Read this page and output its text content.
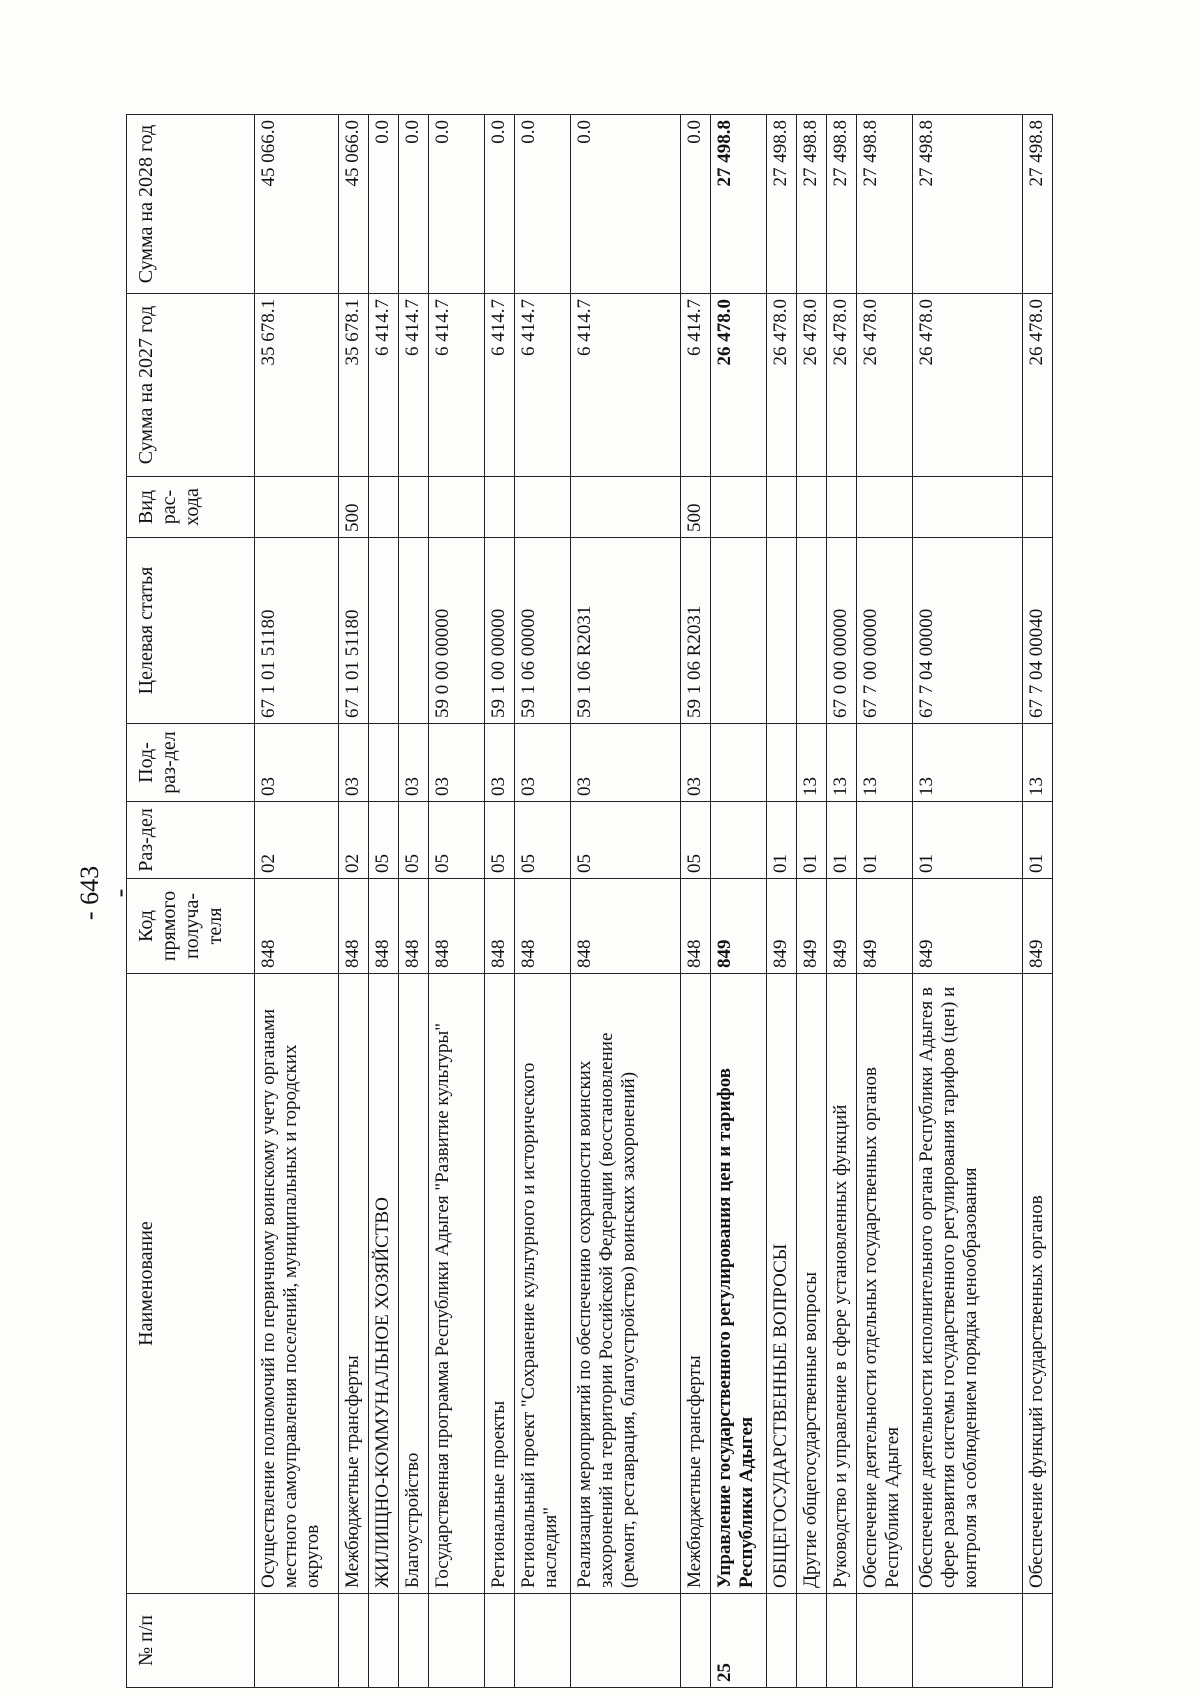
- 643 -
№ п/п	Наименование	Код прямого получа-теля	Раз-дел	Под-раз-дел	Целевая статья	Вид рас-хода	Сумма на 2027 год	Сумма на 2028 год
	Осуществление полномочий по первичному воинскому учету органами местного самоуправления поселений, муниципальных и городских округов	848	02	03	67 1 01 51180		35 678.1	45 066.0
	Межбюджетные трансферты	848	02	03	67 1 01 51180	500	35 678.1	45 066.0
	ЖИЛИЩНО-КОММУНАЛЬНОЕ ХОЗЯЙСТВО	848	05				6 414.7	0.0
	Благоустройство	848	05	03			6 414.7	0.0
	Государственная программа Республики Адыгея "Развитие культуры"	848	05	03	59 0 00 00000		6 414.7	0.0
	Региональные проекты	848	05	03	59 1 00 00000		6 414.7	0.0
	Региональный проект "Сохранение культурного и исторического наследия"	848	05	03	59 1 06 00000		6 414.7	0.0
	Реализация мероприятий по обеспечению сохранности воинских захоронений на территории Российской Федерации (восстановление (ремонт, реставрация, благоустройство) воинских захоронений)	848	05	03	59 1 06 R2031		6 414.7	0.0
	Межбюджетные трансферты	848	05	03	59 1 06 R2031	500	6 414.7	0.0
25	Управление государственного регулирования цен и тарифов Республики Адыгея	849					26 478.0	27 498.8
	ОБЩЕГОСУДАРСТВЕННЫЕ ВОПРОСЫ	849	01				26 478.0	27 498.8
	Другие общегосударственные вопросы	849	01	13			26 478.0	27 498.8
	Руководство и управление в сфере установленных функций	849	01	13	67 0 00 00000		26 478.0	27 498.8
	Обеспечение деятельности отдельных государственных органов Республики Адыгея	849	01	13	67 7 00 00000		26 478.0	27 498.8
	Обеспечение деятельности исполнительного органа Республики Адыгея в сфере развития системы государственного регулирования тарифов (цен) и контроля за соблюдением порядка ценообразования	849	01	13	67 7 04 00000		26 478.0	27 498.8
	Обеспечение функций государственных органов	849	01	13	67 7 04 00040		26 478.0	27 498.8
